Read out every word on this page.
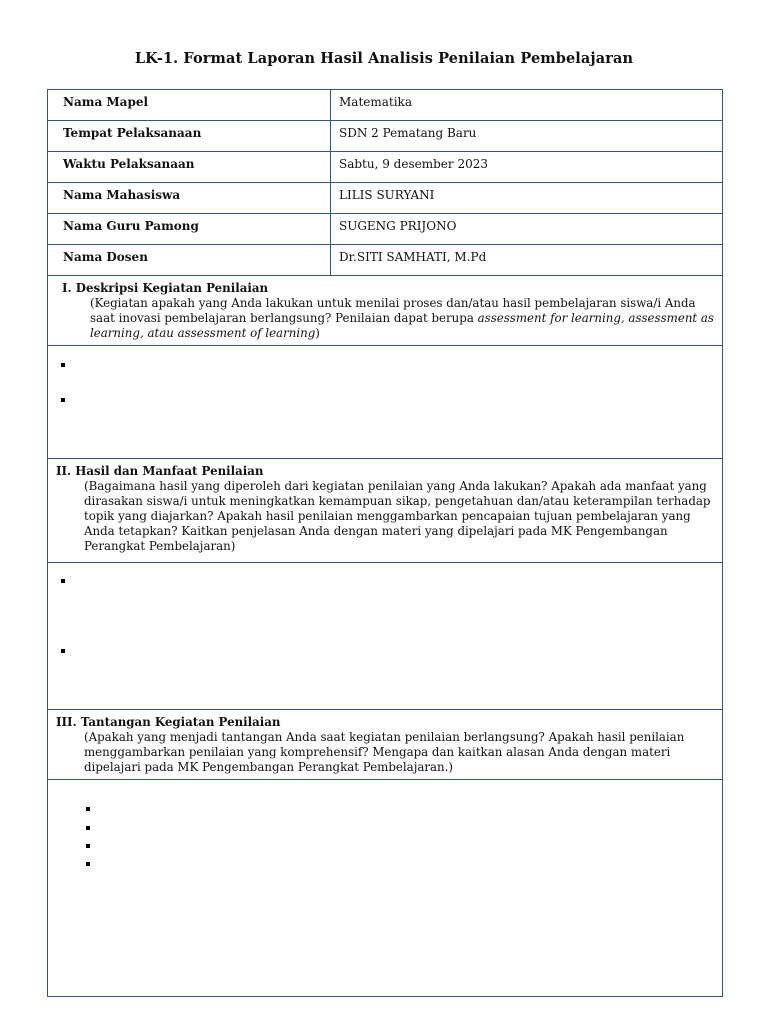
LK-1. Format Laporan Hasil Analisis Penilaian Pembelajaran
Nama Mapel	Matematika
Tempat Pelaksanaan	SDN 2 Pematang Baru
Waktu Pelaksanaan	Sabtu, 9 desember 2023
Nama Mahasiswa	LILIS SURYANI
Nama Guru Pamong	SUGENG PRIJONO
Nama Dosen	Dr.SITI SAMHATI, M.Pd

I. Deskripsi Kegiatan Penilaian
(Kegiatan apakah yang Anda lakukan untuk menilai proses dan/atau hasil pembelajaran siswa/i Anda saat inovasi pembelajaran berlangsung? Penilaian dapat berupa assessment for learning, assessment as learning, atau assessment of learning)	

II. Hasil dan Manfaat Penilaian
(Bagaimana hasil yang diperoleh dari kegiatan penilaian yang Anda lakukan? Apakah ada manfaat yang dirasakan siswa/i untuk meningkatkan kemampuan sikap, pengetahuan dan/atau keterampilan terhadap topik yang diajarkan? Apakah hasil penilaian menggambarkan pencapaian tujuan pembelajaran yang Anda tetapkan? Kaitkan penjelasan Anda dengan materi yang dipelajari pada MK Pengembangan Perangkat Pembelajaran)	

III. Tantangan Kegiatan Penilaian
(Apakah yang menjadi tantangan Anda saat kegiatan penilaian berlangsung? Apakah hasil penilaian menggambarkan penilaian yang komprehensif? Mengapa dan kaitkan alasan Anda dengan materi dipelajari pada MK Pengembangan Perangkat Pembelajaran.)	
